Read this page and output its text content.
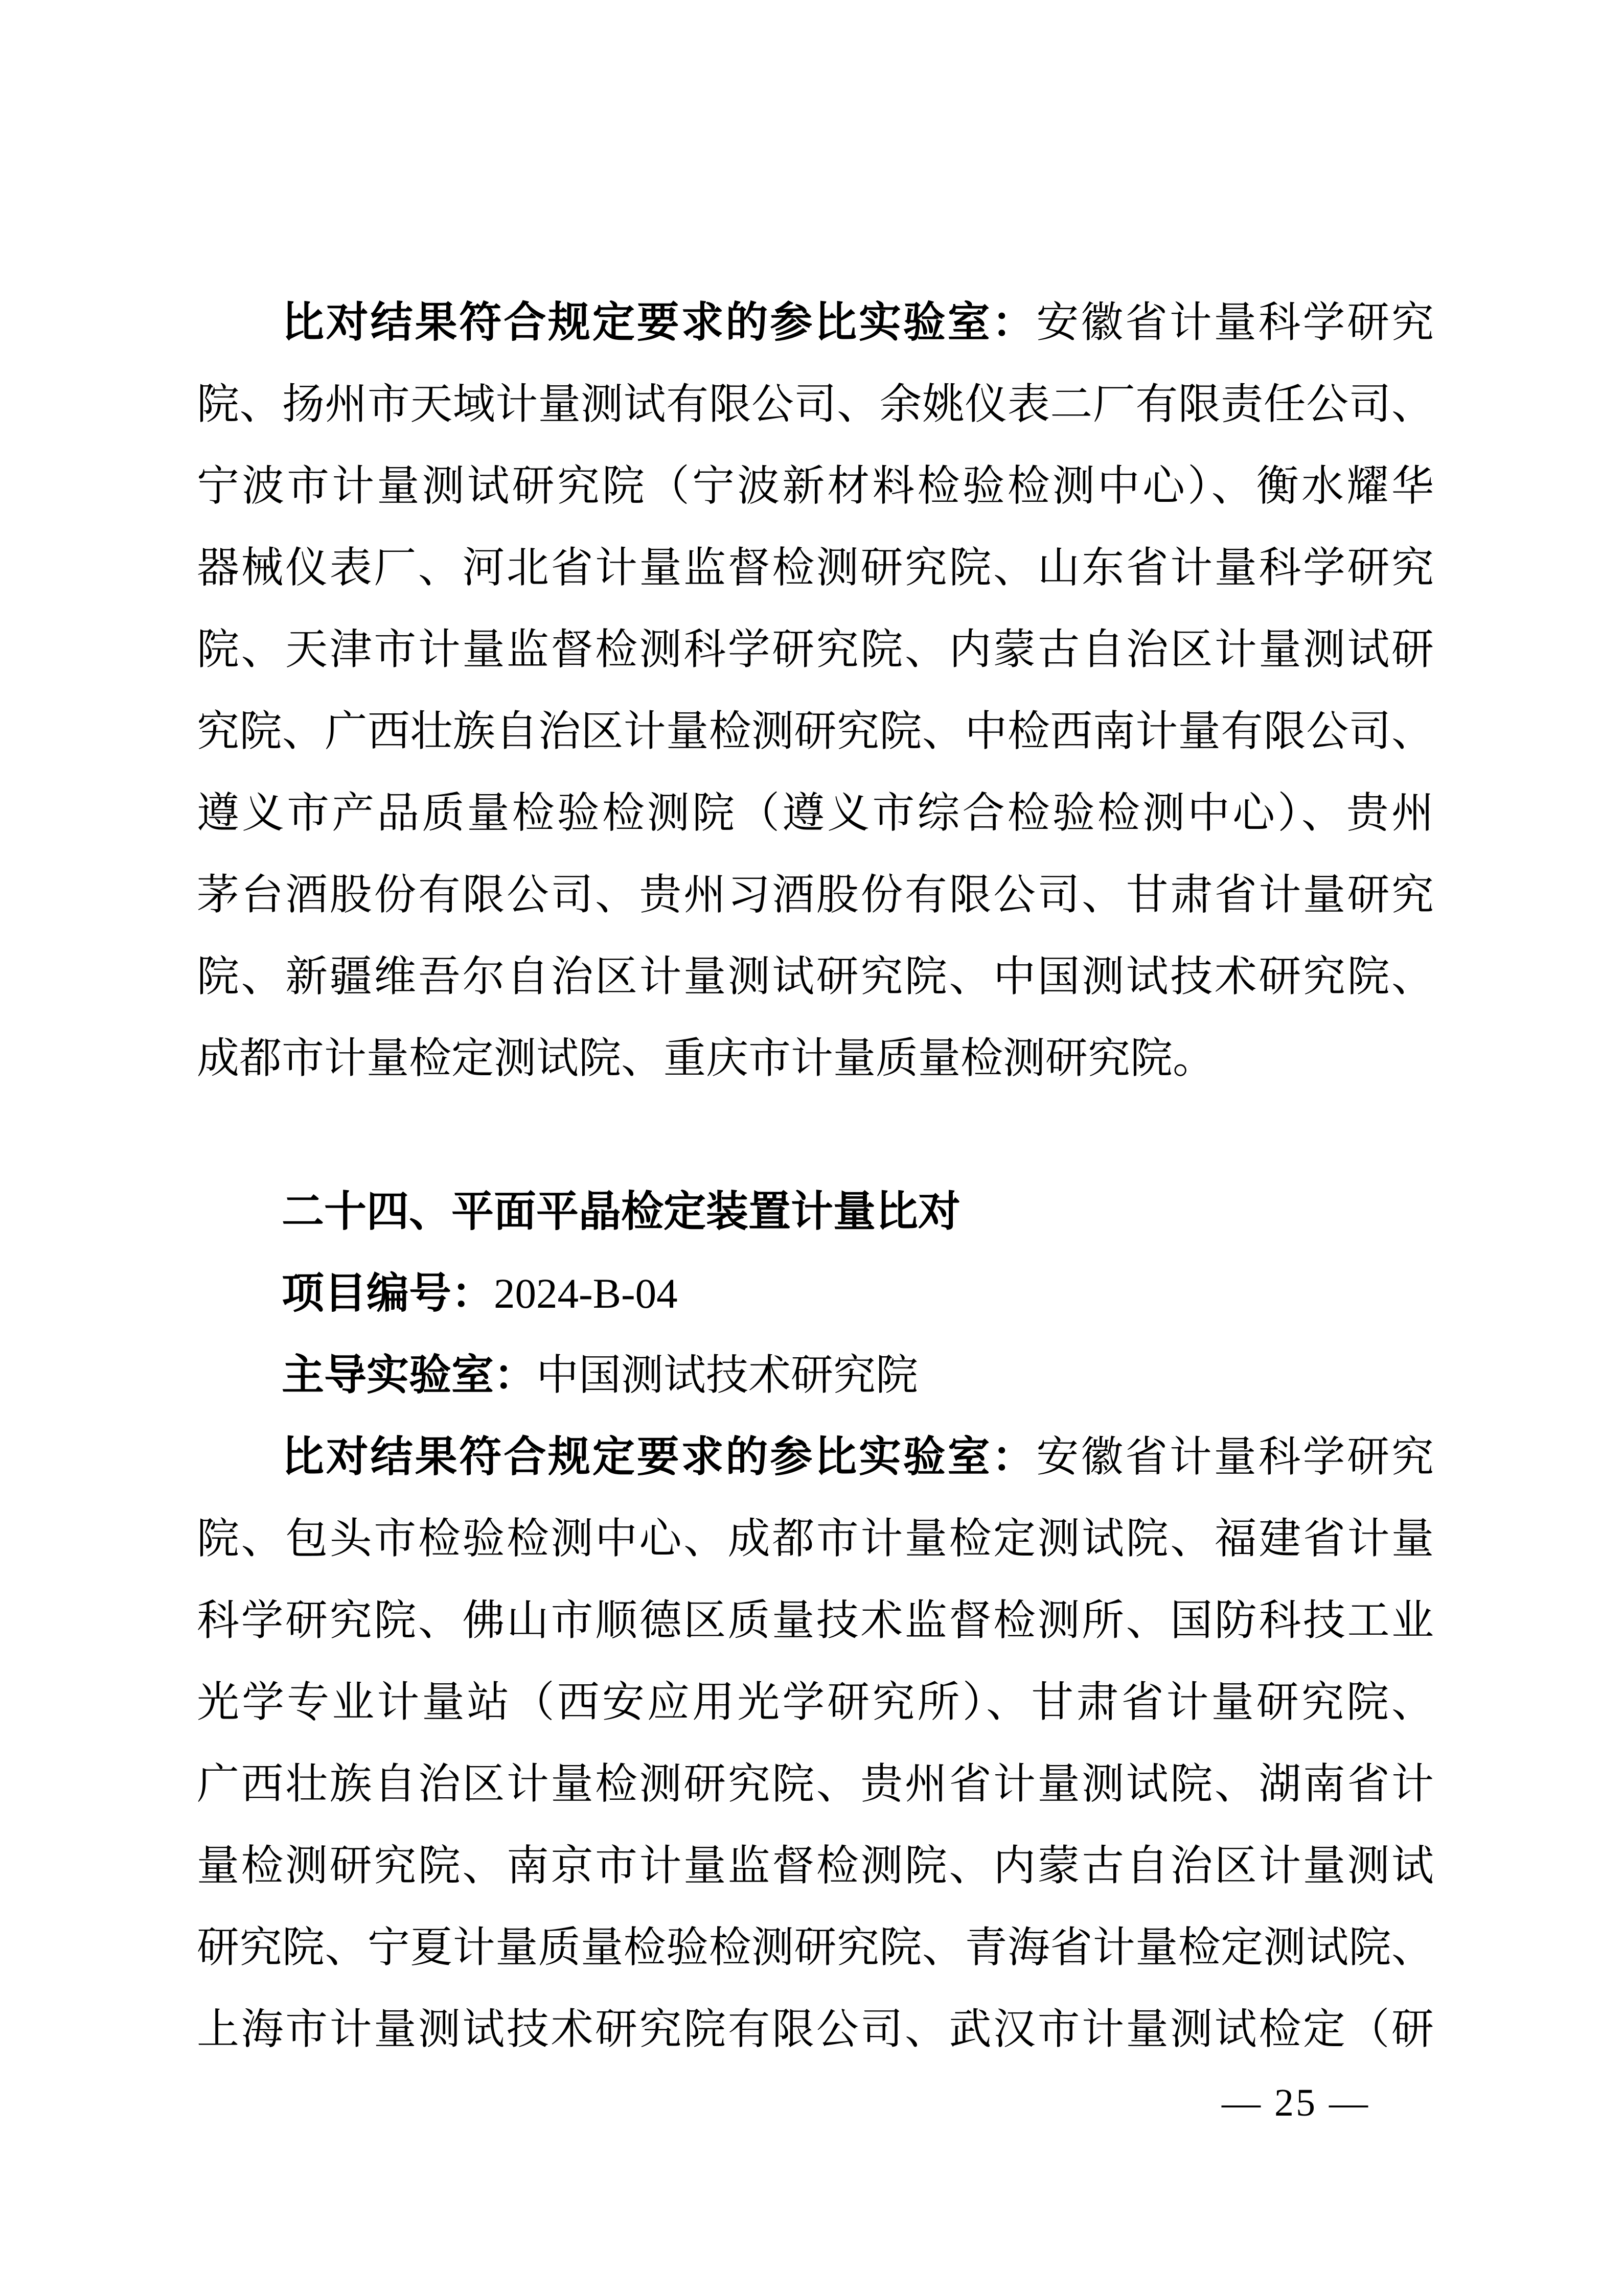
比对结果符合规定要求的参比实验室：安徽省计量科学研究

院、扬州市天域计量测试有限公司、余姚仪表二厂有限责任公司、

宁波市计量测试研究院（宁波新材料检验检测中心）、衡水耀华

器械仪表厂、河北省计量监督检测研究院、山东省计量科学研究

院、天津市计量监督检测科学研究院、内蒙古自治区计量测试研

究院、广西壮族自治区计量检测研究院、中检西南计量有限公司、

遵义市产品质量检验检测院（遵义市综合检验检测中心）、贵州

茅台酒股份有限公司、贵州习酒股份有限公司、甘肃省计量研究

院、新疆维吾尔自治区计量测试研究院、中国测试技术研究院、

成都市计量检定测试院、重庆市计量质量检测研究院。

二十四、平面平晶检定装置计量比对

项目编号：2024-B-04

主导实验室：中国测试技术研究院

比对结果符合规定要求的参比实验室：安徽省计量科学研究

院、包头市检验检测中心、成都市计量检定测试院、福建省计量

科学研究院、佛山市顺德区质量技术监督检测所、国防科技工业

光学专业计量站（西安应用光学研究所）、甘肃省计量研究院、

广西壮族自治区计量检测研究院、贵州省计量测试院、湖南省计

量检测研究院、南京市计量监督检测院、内蒙古自治区计量测试

研究院、宁夏计量质量检验检测研究院、青海省计量检定测试院、

上海市计量测试技术研究院有限公司、武汉市计量测试检定（研

— 25 —
